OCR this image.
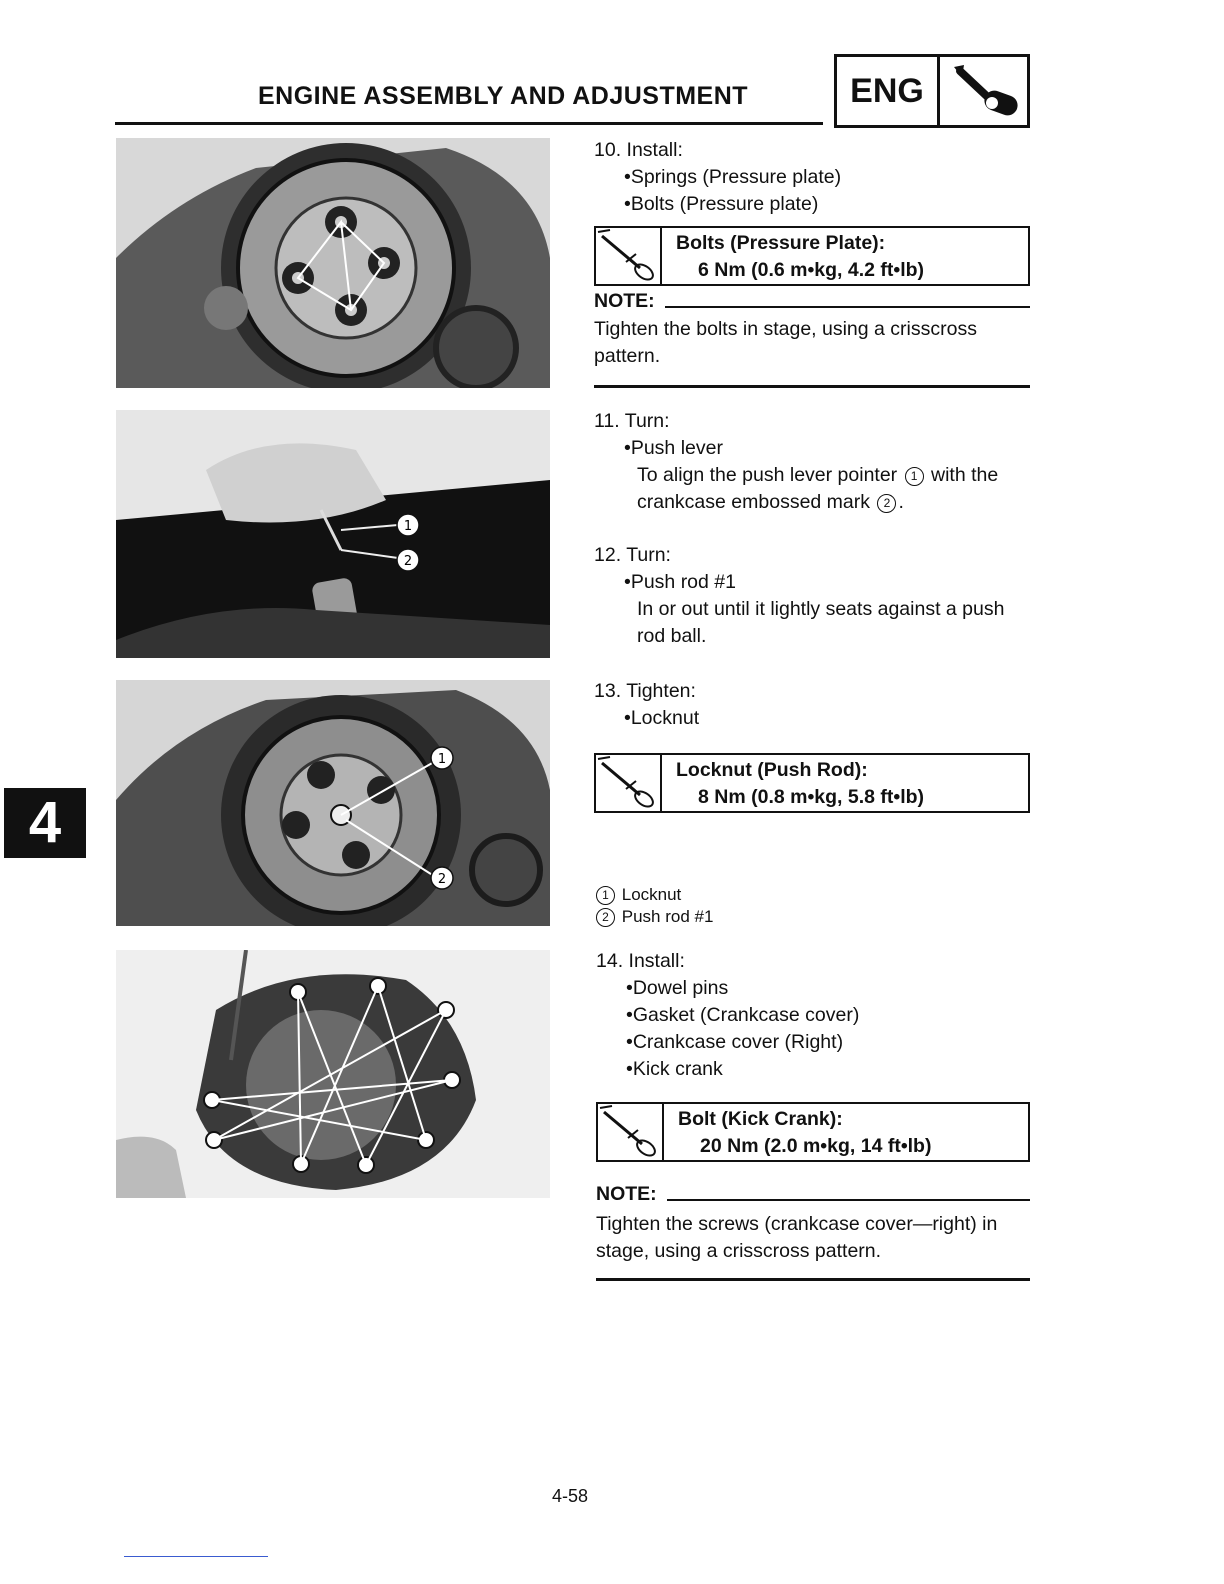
ENGINE ASSEMBLY AND ADJUSTMENT	ENG
4
1
2
1
2
10. Install:
•Springs (Pressure plate)
•Bolts (Pressure plate)
Bolts (Pressure Plate):
6 Nm (0.6 m•kg, 4.2 ft•lb)
NOTE:
Tighten the bolts in stage, using a crisscross
pattern.
11. Turn:
•Push lever
To align the push lever pointer 1 with the
crankcase embossed mark 2 .
12. Turn:
•Push rod #1
In or out until it lightly seats against a push
rod ball.
13. Tighten:
•Locknut
Locknut (Push Rod):
8 Nm (0.8 m•kg, 5.8 ft•lb)
1 Locknut
2 Push rod #1
14. Install:
•Dowel pins
•Gasket (Crankcase cover)
•Crankcase cover (Right)
•Kick crank
Bolt (Kick Crank):
20 Nm (2.0 m•kg, 14 ft•lb)
NOTE:
Tighten the screws (crankcase cover—right) in
stage, using a crisscross pattern.
4-58
